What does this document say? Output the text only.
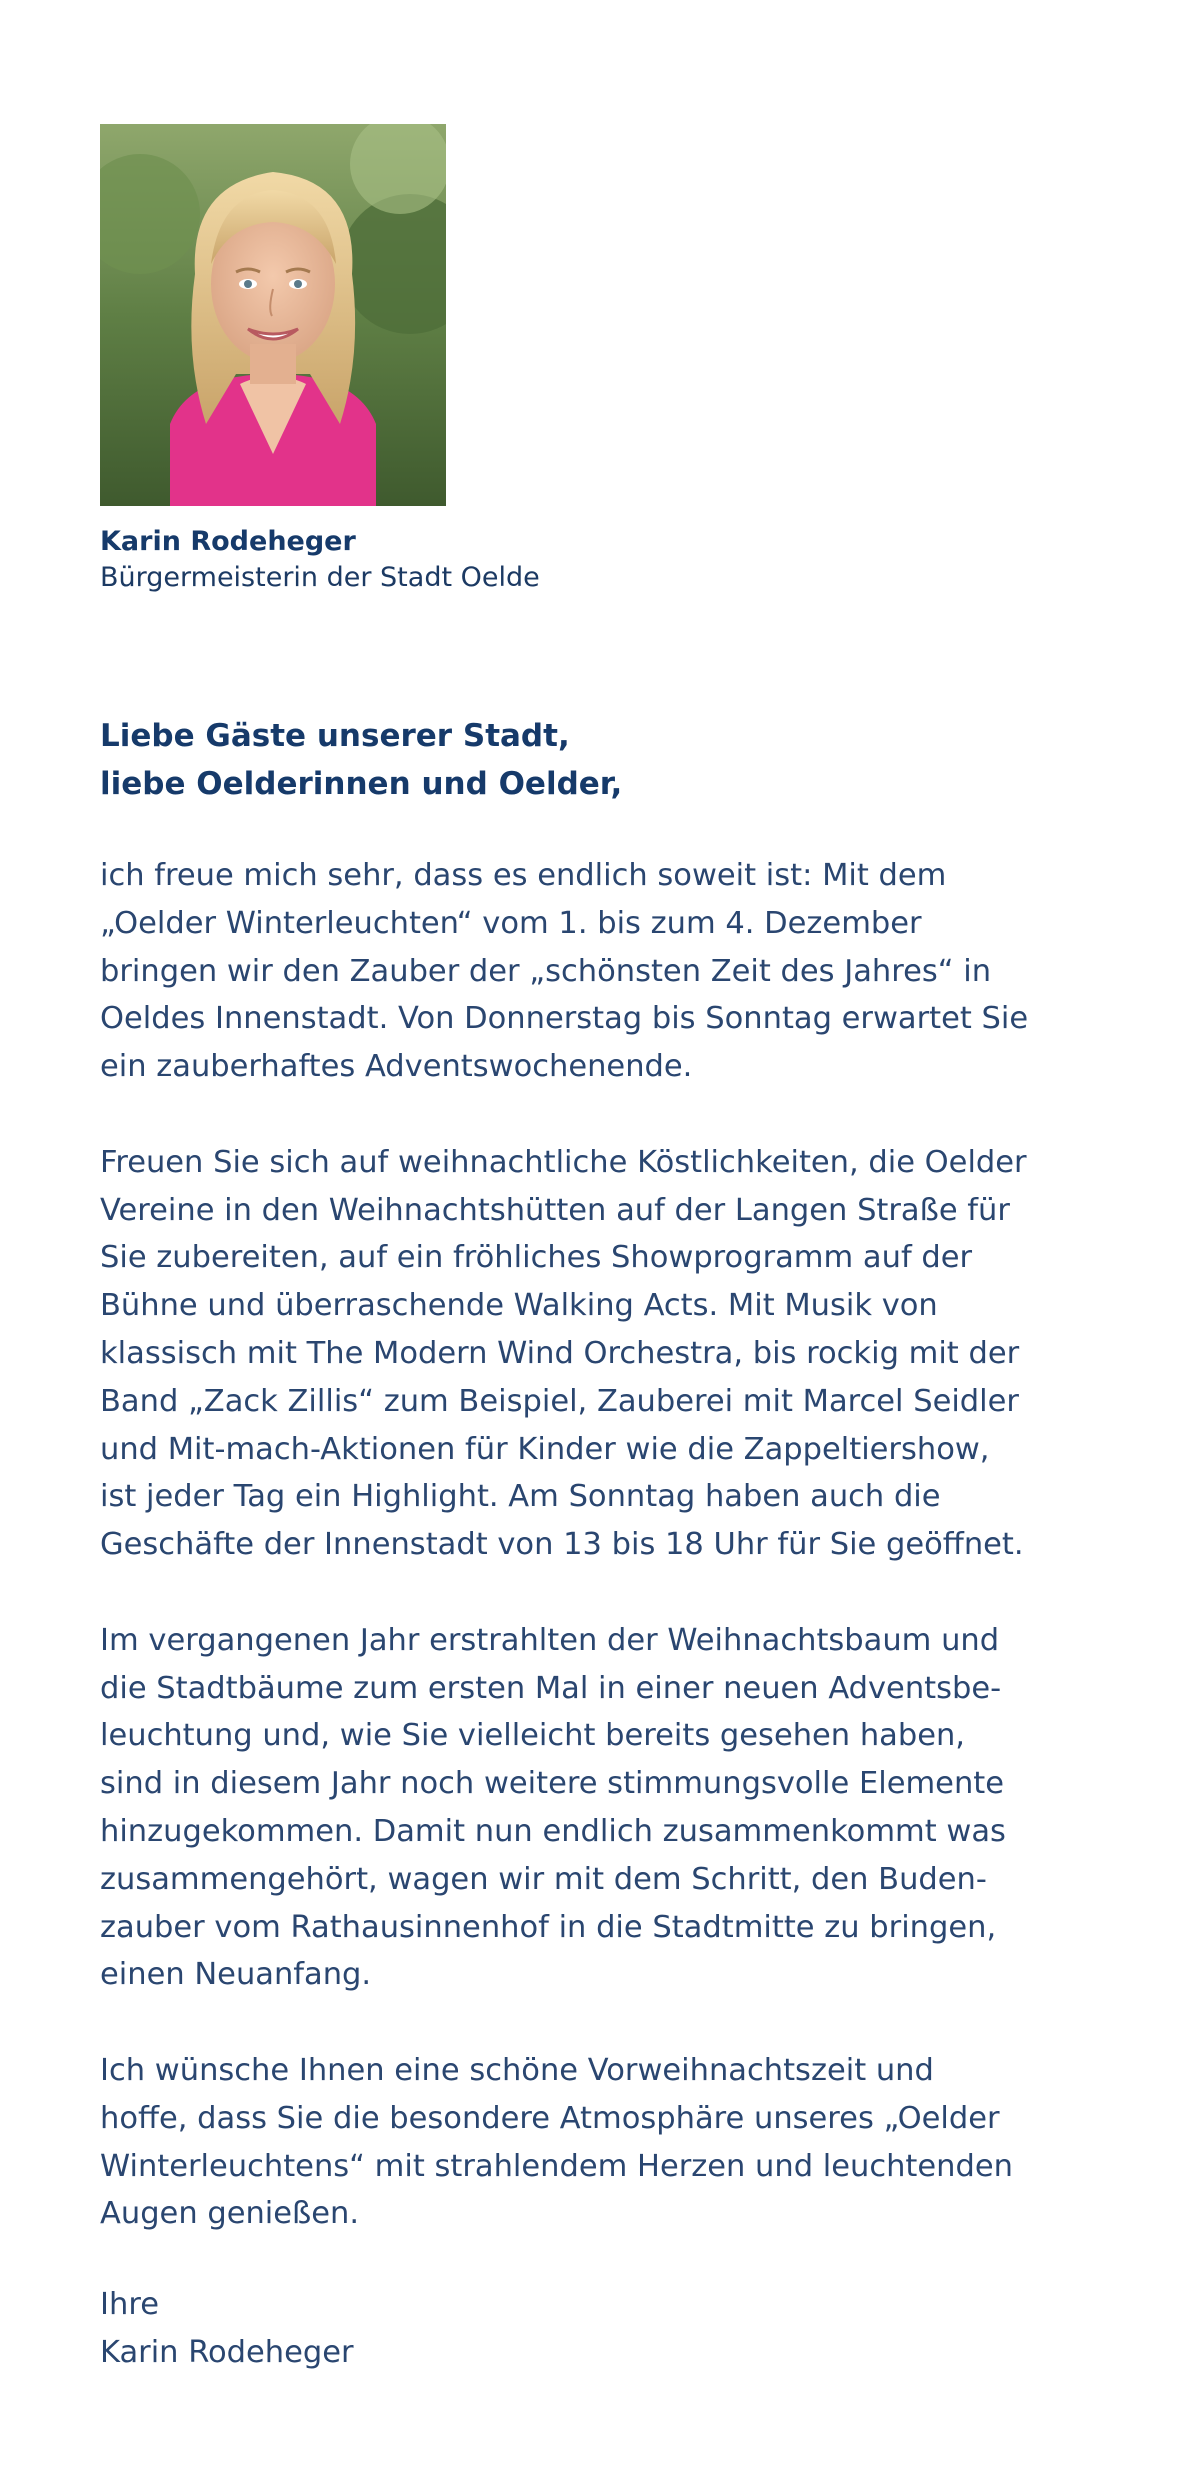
Karin Rodeheger
Bürgermeisterin der Stadt Oelde
Liebe Gäste unserer Stadt,
liebe Oelderinnen und Oelder,

ich freue mich sehr, dass es endlich soweit ist: Mit dem
„Oelder Winterleuchten“ vom 1. bis zum 4. Dezember
bringen wir den Zauber der „schönsten Zeit des Jahres“ in
Oeldes Innenstadt. Von Donnerstag bis Sonntag erwartet Sie
ein zauberhaftes Adventswochenende.

Freuen Sie sich auf weihnachtliche Köstlichkeiten, die Oelder
Vereine in den Weihnachtshütten auf der Langen Straße für
Sie zubereiten, auf ein fröhliches Showprogramm auf der
Bühne und überraschende Walking Acts. Mit Musik von
klassisch mit The Modern Wind Orchestra, bis rockig mit der
Band „Zack Zillis“ zum Beispiel, Zauberei mit Marcel Seidler
und Mit-mach-Aktionen für Kinder wie die Zappeltiershow,
ist jeder Tag ein Highlight. Am Sonntag haben auch die
Geschäfte der Innenstadt von 13 bis 18 Uhr für Sie geöffnet.

Im vergangenen Jahr erstrahlten der Weihnachtsbaum und
die Stadtbäume zum ersten Mal in einer neuen Adventsbe-
leuchtung und, wie Sie vielleicht bereits gesehen haben,
sind in diesem Jahr noch weitere stimmungsvolle Elemente
hinzugekommen. Damit nun endlich zusammenkommt was
zusammengehört, wagen wir mit dem Schritt, den Buden-
zauber vom Rathausinnenhof in die Stadtmitte zu bringen,
einen Neuanfang.

Ich wünsche Ihnen eine schöne Vorweihnachtszeit und
hoffe, dass Sie die besondere Atmosphäre unseres „Oelder
Winterleuchtens“ mit strahlendem Herzen und leuchtenden
Augen genießen.

Ihre
Karin Rodeheger
